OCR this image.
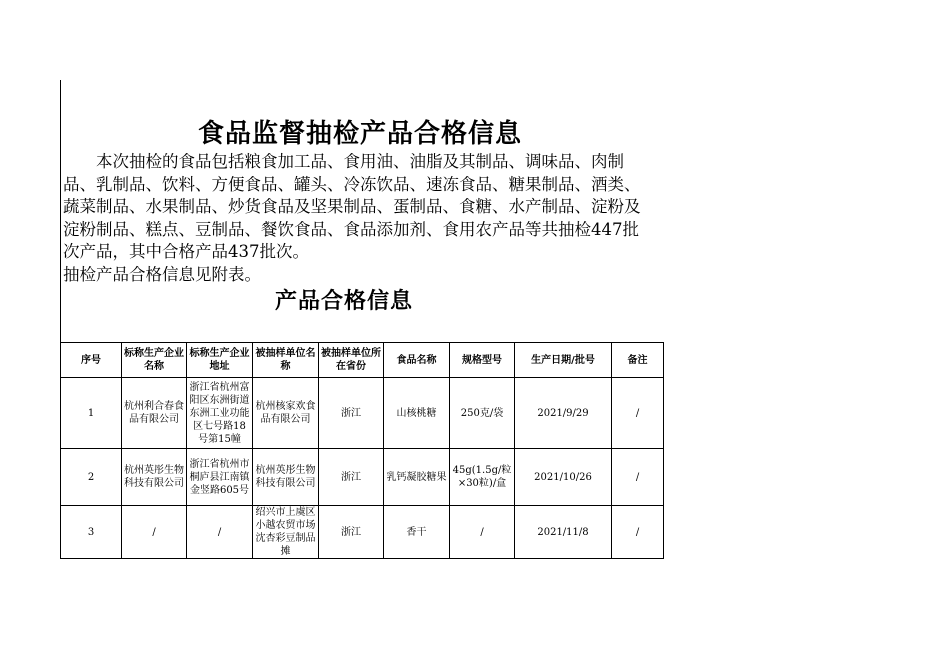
食品监督抽检产品合格信息

本次抽检的食品包括粮食加工品、食用油、油脂及其制品、调味品、肉制品、乳制品、饮料、方便食品、罐头、冷冻饮品、速冻食品、糖果制品、酒类、蔬菜制品、水果制品、炒货食品及坚果制品、蛋制品、食糖、水产制品、淀粉及淀粉制品、糕点、豆制品、餐饮食品、食品添加剂、食用农产品等共抽检447批次产品，其中合格产品437批次。

抽检产品合格信息见附表。

产品合格信息
序号	标称生产企业名称	标称生产企业地址	被抽样单位名称	被抽样单位所在省份	食品名称	规格型号	生产日期/批号	备注
1	杭州利合春食品有限公司	浙江省杭州富阳区东洲街道东洲工业功能区七号路18号第15幢	杭州核家欢食品有限公司	浙江	山核桃糖	250克/袋	2021/9/29	/
2	杭州英彤生物科技有限公司	浙江省杭州市桐庐县江南镇金竖路605号	杭州英彤生物科技有限公司	浙江	乳钙凝胶糖果	45g(1.5g/粒×30粒)/盒	2021/10/26	/
3	/	/	绍兴市上虞区小越农贸市场沈杏彩豆制品摊	浙江	香干	/	2021/11/8	/
